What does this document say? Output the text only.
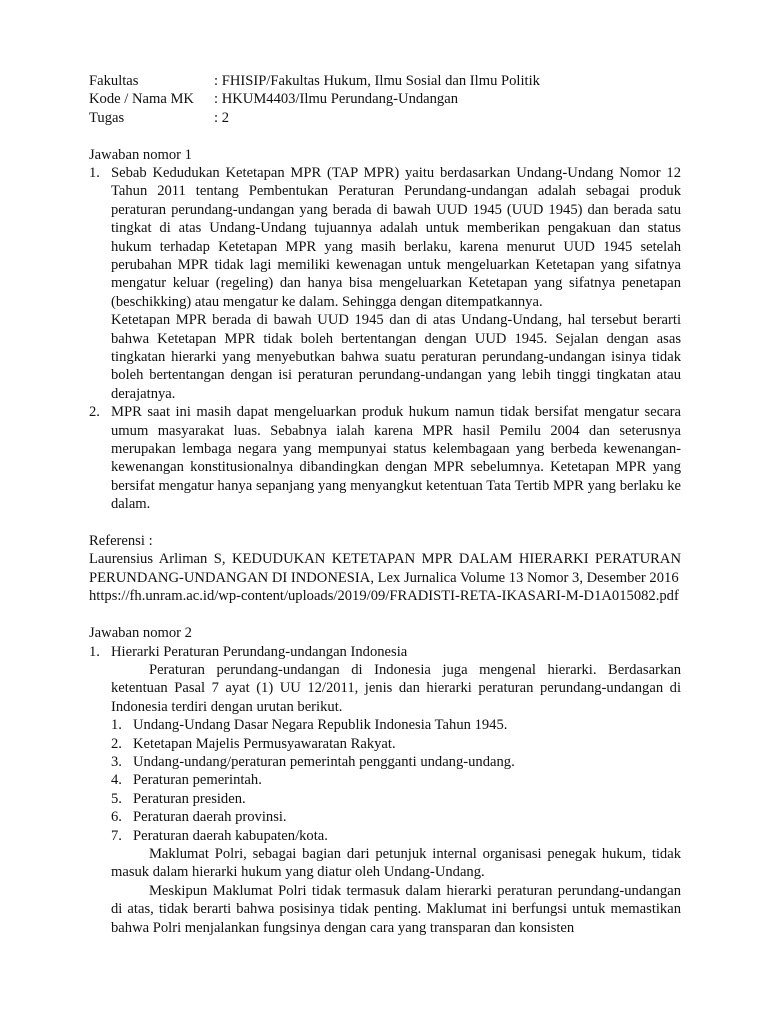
Fakultas	: FHISIP/Fakultas Hukum, Ilmu Sosial dan Ilmu Politik
Kode / Nama MK	: HKUM4403/Ilmu Perundang-Undangan
Tugas	: 2

Jawaban nomor 1

1. Sebab Kedudukan Ketetapan MPR (TAP MPR) yaitu berdasarkan Undang-Undang Nomor 12 Tahun 2011 tentang Pembentukan Peraturan Perundang-undangan adalah sebagai produk peraturan perundang-undangan yang berada di bawah UUD 1945 (UUD 1945) dan berada satu tingkat di atas Undang-Undang tujuannya adalah untuk memberikan pengakuan dan status hukum terhadap Ketetapan MPR yang masih berlaku, karena menurut UUD 1945 setelah perubahan MPR tidak lagi memiliki kewenagan untuk mengeluarkan Ketetapan yang sifatnya mengatur keluar (regeling) dan hanya bisa mengeluarkan Ketetapan yang sifatnya penetapan (beschikking) atau mengatur ke dalam. Sehingga dengan ditempatkannya.

Ketetapan MPR berada di bawah UUD 1945 dan di atas Undang-Undang, hal tersebut berarti bahwa Ketetapan MPR tidak boleh bertentangan dengan UUD 1945. Sejalan dengan asas tingkatan hierarki yang menyebutkan bahwa suatu peraturan perundang-undangan isinya tidak boleh bertentangan dengan isi peraturan perundang-undangan yang lebih tinggi tingkatan atau derajatnya.

2. MPR saat ini masih dapat mengeluarkan produk hukum namun tidak bersifat mengatur secara umum masyarakat luas. Sebabnya ialah karena MPR hasil Pemilu 2004 dan seterusnya merupakan lembaga negara yang mempunyai status kelembagaan yang berbeda kewenangan-kewenangan konstitusionalnya dibandingkan dengan MPR sebelumnya. Ketetapan MPR yang bersifat mengatur hanya sepanjang yang menyangkut ketentuan Tata Tertib MPR yang berlaku ke dalam.

Referensi :

Laurensius Arliman S, KEDUDUKAN KETETAPAN MPR DALAM HIERARKI PERATURAN PERUNDANG-UNDANGAN DI INDONESIA, Lex Jurnalica Volume 13 Nomor 3, Desember 2016

https://fh.unram.ac.id/wp-content/uploads/2019/09/FRADISTI-RETA-IKASARI-M-D1A015082.pdf

Jawaban nomor 2

1. Hierarki Peraturan Perundang-undangan Indonesia

Peraturan perundang-undangan di Indonesia juga mengenal hierarki. Berdasarkan ketentuan Pasal 7 ayat (1) UU 12/2011, jenis dan hierarki peraturan perundang-undangan di Indonesia terdiri dengan urutan berikut.

1. Undang-Undang Dasar Negara Republik Indonesia Tahun 1945.
2. Ketetapan Majelis Permusyawaratan Rakyat.
3. Undang-undang/peraturan pemerintah pengganti undang-undang.
4. Peraturan pemerintah.
5. Peraturan presiden.
6. Peraturan daerah provinsi.
7. Peraturan daerah kabupaten/kota.

Maklumat Polri, sebagai bagian dari petunjuk internal organisasi penegak hukum, tidak masuk dalam hierarki hukum yang diatur oleh Undang-Undang.

Meskipun Maklumat Polri tidak termasuk dalam hierarki peraturan perundang-undangan di atas, tidak berarti bahwa posisinya tidak penting. Maklumat ini berfungsi untuk memastikan bahwa Polri menjalankan fungsinya dengan cara yang transparan dan konsisten
